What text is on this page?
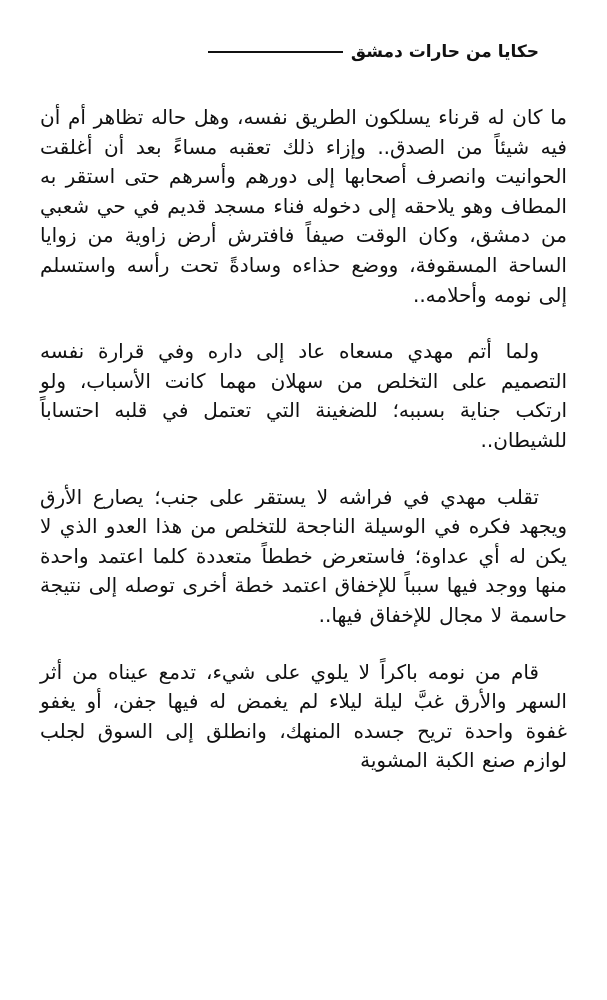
حكايا من حارات دمشق

ما كان له قرناء يسلكون الطريق نفسه، وهل حاله تظاهر أم أن فيه شيئاً من الصدق.. وإزاء ذلك تعقبه مساءً بعد أن أغلقت الحوانيت وانصرف أصحابها إلى دورهم وأسرهم حتى استقر به المطاف وهو يلاحقه إلى دخوله فناء مسجد قديم في حي شعبي من دمشق، وكان الوقت صيفاً فافترش أرض زاوية من زوايا الساحة المسقوفة، ووضع حذاءه وسادةً تحت رأسه واستسلم إلى نومه وأحلامه..

ولما أتم مهدي مسعاه عاد إلى داره وفي قرارة نفسه التصميم على التخلص من سهلان مهما كانت الأسباب، ولو ارتكب جناية بسببه؛ للضغينة التي تعتمل في قلبه احتساباً للشيطان..

تقلب مهدي في فراشه لا يستقر على جنب؛ يصارع الأرق ويجهد فكره في الوسيلة الناجحة للتخلص من هذا العدو الذي لا يكن له أي عداوة؛ فاستعرض خططاً متعددة كلما اعتمد واحدة منها ووجد فيها سبباً للإخفاق اعتمد خطة أخرى توصله إلى نتيجة حاسمة لا مجال للإخفاق فيها..

قام من نومه باكراً لا يلوي على شيء، تدمع عيناه من أثر السهر والأرق غبَّ ليلة ليلاء لم يغمض له فيها جفن، أو يغفو غفوة واحدة تريح جسده المنهك، وانطلق إلى السوق لجلب لوازم صنع الكبة المشوية
